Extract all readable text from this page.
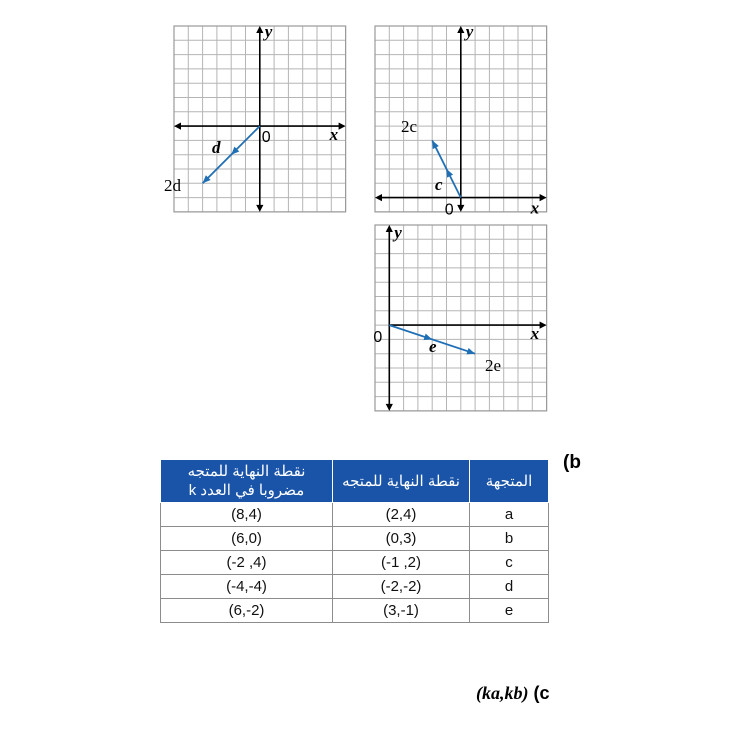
y
x
0
d
2d
y
x
0
c
2c
y
x
0	e
2e
(b
نقطة النهاية للمتجه مضروبا في العدد k	نقطة النهاية للمتجه	المتجهة
(8,4)	(2,4)	a
(6,0)	(0,3)	b
(-2 ,4)	(-1 ,2)	c
(-4,-4)	(-2,-2)	d
(6,-2)	(3,-1)	e
(ka,kb) (c
